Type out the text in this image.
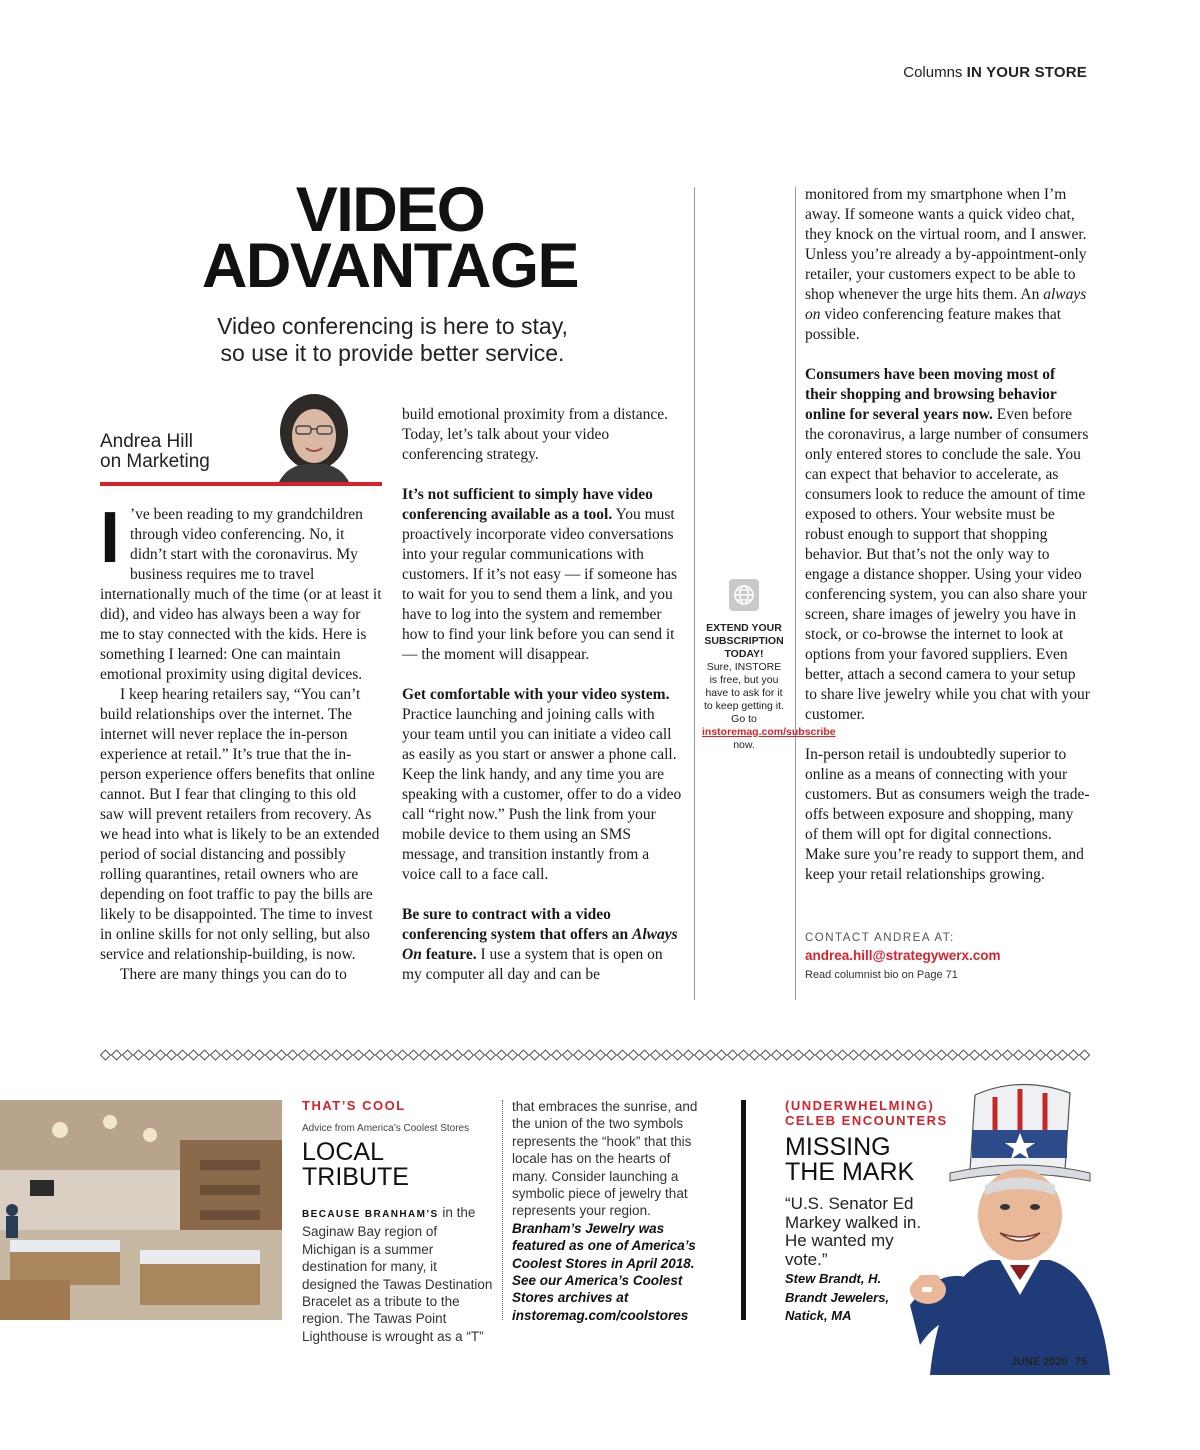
Columns IN YOUR STORE
VIDEO
ADVANTAGE
Video conferencing is here to stay,
so use it to provide better service.
Andrea Hill
on Marketing

I ’ve been reading to my grandchildren through video conferencing. No, it didn’t start with the coronavirus. My business requires me to travel internationally much of the time (or at least it did), and video has always been a way for me to stay connected with the kids. Here is something I learned: One can maintain emotional proximity using digital devices.

I keep hearing retailers say, “You can’t build relationships over the internet. The internet will never replace the in-person experience at retail.” It’s true that the in-person experience offers benefits that online cannot. But I fear that clinging to this old saw will prevent retailers from recovery. As we head into what is likely to be an extended period of social distancing and possibly rolling quarantines, retail owners who are depending on foot traffic to pay the bills are likely to be disappointed. The time to invest in online skills for not only selling, but also service and relationship-building, is now.

There are many things you can do to

build emotional proximity from a distance. Today, let’s talk about your video conferencing strategy.

It’s not sufficient to simply have video conferencing available as a tool. You must proactively incorporate video conversations into your regular communications with customers. If it’s not easy — if someone has to wait for you to send them a link, and you have to log into the system and remember how to find your link before you can send it — the moment will disappear.

Get comfortable with your video system. Practice launching and joining calls with your team until you can initiate a video call as easily as you start or answer a phone call. Keep the link handy, and any time you are speaking with a customer, offer to do a video call “right now.” Push the link from your mobile device to them using an SMS message, and transition instantly from a voice call to a face call.

Be sure to contract with a video conferencing system that offers an Always On feature. I use a system that is open on my computer all day and can be

EXTEND YOUR SUBSCRIPTION TODAY!
Sure, INSTORE is free, but you have to ask for it to keep getting it. Go to instoremag.com/subscribe now.

monitored from my smartphone when I’m away. If someone wants a quick video chat, they knock on the virtual room, and I answer. Unless you’re already a by-appointment-only retailer, your customers expect to be able to shop whenever the urge hits them. An always on video conferencing feature makes that possible.

Consumers have been moving most of their shopping and browsing behavior online for several years now. Even before the coronavirus, a large number of consumers only entered stores to conclude the sale. You can expect that behavior to accelerate, as consumers look to reduce the amount of time exposed to others. Your website must be robust enough to support that shopping behavior. But that’s not the only way to engage a distance shopper. Using your video conferencing system, you can also share your screen, share images of jewelry you have in stock, or co-browse the internet to look at options from your favored suppliers. Even better, attach a second camera to your setup to share live jewelry while you chat with your customer.

In-person retail is undoubtedly superior to online as a means of connecting with your customers. But as consumers weigh the trade-offs between exposure and shopping, many of them will opt for digital connections. Make sure you’re ready to support them, and keep your retail relationships growing.

CONTACT ANDREA AT:
andrea.hill@strategywerx.com
Read columnist bio on Page 71
THAT’S COOL
Advice from America’s Coolest Stores
LOCAL
TRIBUTE
BECAUSE BRANHAM’S in the Saginaw Bay region of Michigan is a summer destination for many, it designed the Tawas Destination Bracelet as a tribute to the region. The Tawas Point Lighthouse is wrought as a “T”
that embraces the sunrise, and the union of the two symbols represents the “hook” that this locale has on the hearts of many. Consider launching a symbolic piece of jewelry that represents your region. Branham’s Jewelry was featured as one of America’s Coolest Stores in April 2018. See our America’s Coolest Stores archives at instoremag.com/coolstores
(UNDERWHELMING)
CELEB ENCOUNTERS
MISSING
THE MARK
“U.S. Senator Ed Markey walked in. He wanted my vote.”
Stew Brandt, H. Brandt Jewelers, Natick, MA
JUNE 2020 75
